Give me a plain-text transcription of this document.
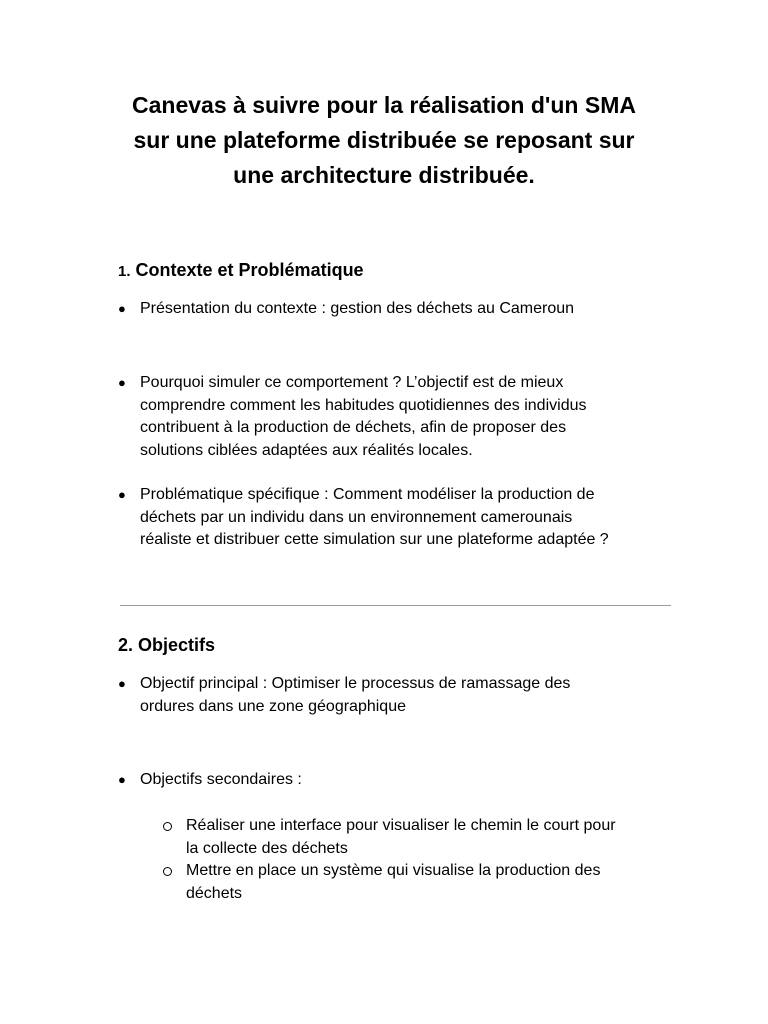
Canevas à suivre pour la réalisation d'un SMA
sur une plateforme distribuée se reposant sur
une architecture distribuée.
1. Contexte et Problématique
● Présentation du contexte : gestion des déchets au Cameroun
● Pourquoi simuler ce comportement ? L’objectif est de mieux
comprendre comment les habitudes quotidiennes des individus
contribuent à la production de déchets, afin de proposer des
solutions ciblées adaptées aux réalités locales.
● Problématique spécifique : Comment modéliser la production de
déchets par un individu dans un environnement camerounais
réaliste et distribuer cette simulation sur une plateforme adaptée ?
2. Objectifs
● Objectif principal : Optimiser le processus de ramassage des
ordures dans une zone géographique
● Objectifs secondaires :
Réaliser une interface pour visualiser le chemin le court pour
la collecte des déchets
Mettre en place un système qui visualise la production des
déchets
